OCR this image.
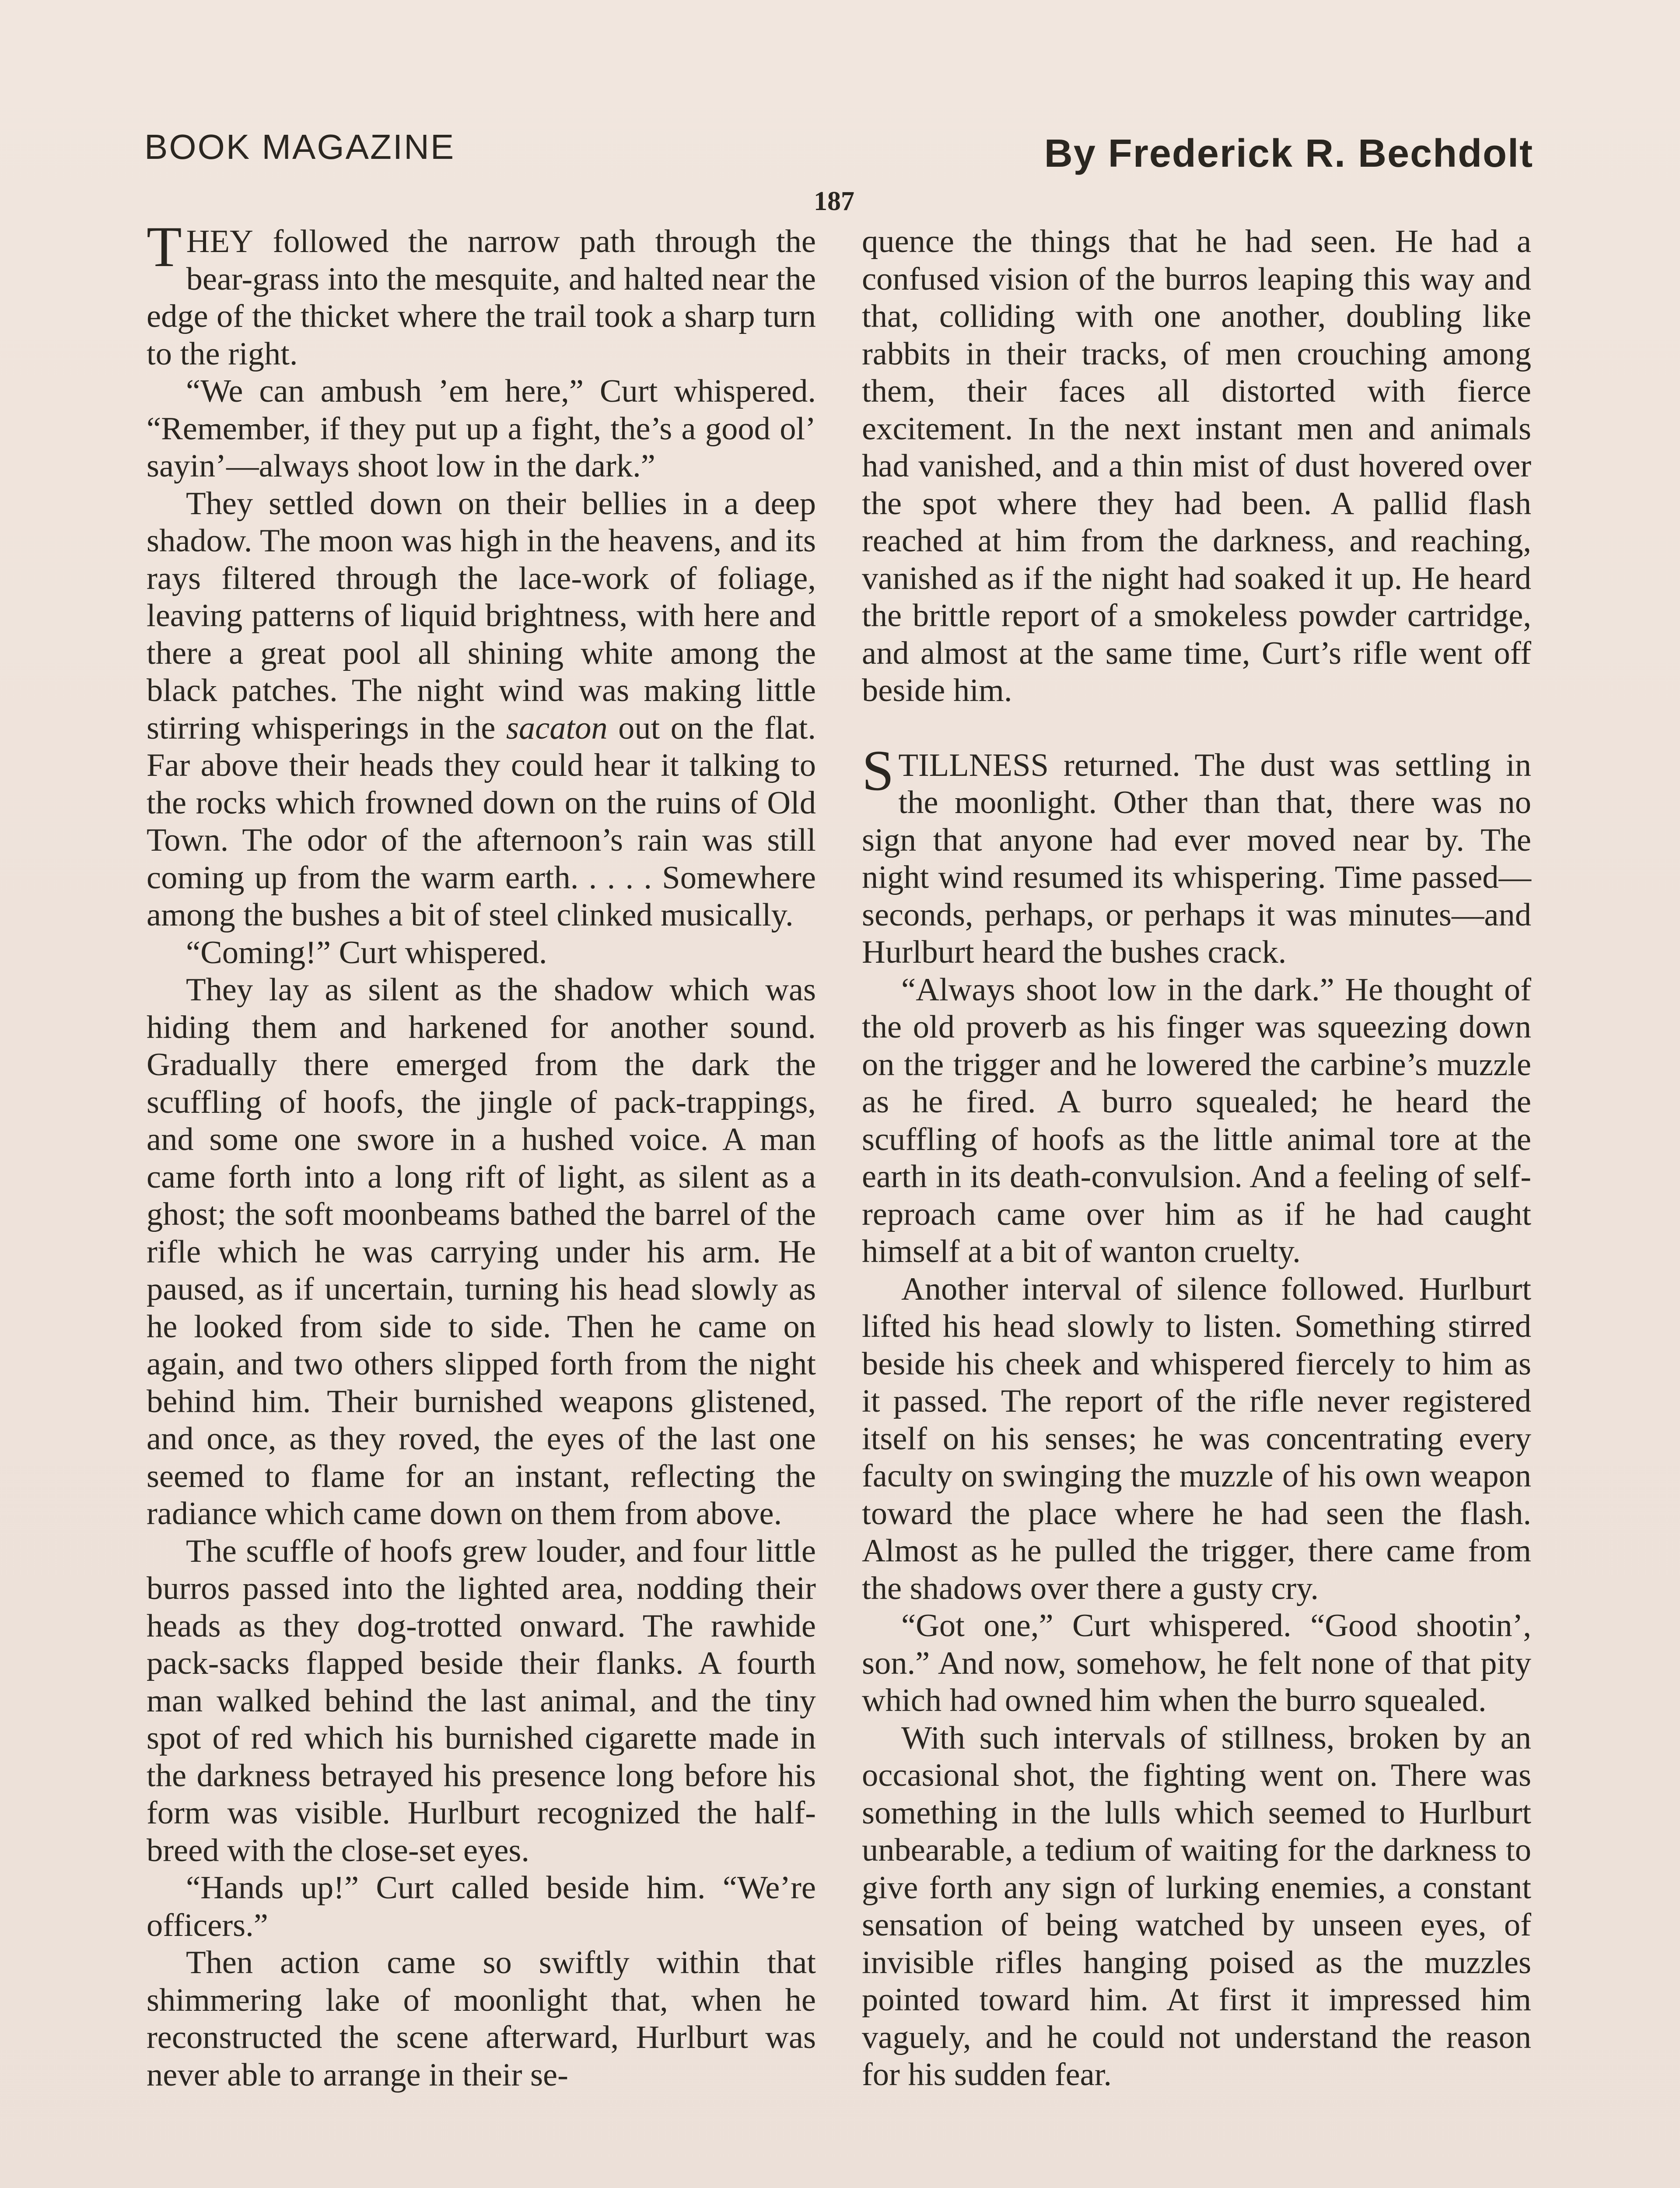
BOOK MAGAZINE	By Frederick R. Bechdolt
187

THEY followed the narrow path through the bear-grass into the mesquite, and halted near the edge of the thicket where the trail took a sharp turn to the right.

“We can ambush ’em here,” Curt whispered. “Remember, if they put up a fight, the’s a good ol’ sayin’—always shoot low in the dark.”

They settled down on their bellies in a deep shadow. The moon was high in the heavens, and its rays filtered through the lace-work of foliage, leaving patterns of liquid brightness, with here and there a great pool all shining white among the black patches. The night wind was making little stirring whisperings in the sacaton out on the flat. Far above their heads they could hear it talking to the rocks which frowned down on the ruins of Old Town. The odor of the afternoon’s rain was still coming up from the warm earth. . . . . Somewhere among the bushes a bit of steel clinked musically.

“Coming!” Curt whispered.

They lay as silent as the shadow which was hiding them and harkened for another sound. Gradually there emerged from the dark the scuffling of hoofs, the jingle of pack-trappings, and some one swore in a hushed voice. A man came forth into a long rift of light, as silent as a ghost; the soft moonbeams bathed the barrel of the rifle which he was carrying under his arm. He paused, as if uncertain, turning his head slowly as he looked from side to side. Then he came on again, and two others slipped forth from the night behind him. Their burnished weapons glistened, and once, as they roved, the eyes of the last one seemed to flame for an instant, reflecting the radiance which came down on them from above.

The scuffle of hoofs grew louder, and four little burros passed into the lighted area, nodding their heads as they dog-trotted onward. The rawhide pack-sacks flapped beside their flanks. A fourth man walked behind the last animal, and the tiny spot of red which his burnished cigarette made in the darkness betrayed his presence long before his form was visible. Hurlburt recognized the half-breed with the close-set eyes.

“Hands up!” Curt called beside him. “We’re officers.”

Then action came so swiftly within that shimmering lake of moonlight that, when he reconstructed the scene afterward, Hurlburt was never able to arrange in their se-

quence the things that he had seen. He had a confused vision of the burros leaping this way and that, colliding with one another, doubling like rabbits in their tracks, of men crouching among them, their faces all distorted with fierce excitement. In the next instant men and animals had vanished, and a thin mist of dust hovered over the spot where they had been. A pallid flash reached at him from the darkness, and reaching, vanished as if the night had soaked it up. He heard the brittle report of a smokeless powder cartridge, and almost at the same time, Curt’s rifle went off beside him.

STILLNESS returned. The dust was settling in the moonlight. Other than that, there was no sign that anyone had ever moved near by. The night wind resumed its whispering. Time passed—seconds, perhaps, or perhaps it was minutes—and Hurlburt heard the bushes crack.

“Always shoot low in the dark.” He thought of the old proverb as his finger was squeezing down on the trigger and he lowered the carbine’s muzzle as he fired. A burro squealed; he heard the scuffling of hoofs as the little animal tore at the earth in its death-convulsion. And a feeling of self-reproach came over him as if he had caught himself at a bit of wanton cruelty.

Another interval of silence followed. Hurlburt lifted his head slowly to listen. Something stirred beside his cheek and whispered fiercely to him as it passed. The report of the rifle never registered itself on his senses; he was concentrating every faculty on swinging the muzzle of his own weapon toward the place where he had seen the flash. Almost as he pulled the trigger, there came from the shadows over there a gusty cry.

“Got one,” Curt whispered. “Good shootin’, son.” And now, somehow, he felt none of that pity which had owned him when the burro squealed.

With such intervals of stillness, broken by an occasional shot, the fighting went on. There was something in the lulls which seemed to Hurlburt unbearable, a tedium of waiting for the darkness to give forth any sign of lurking enemies, a constant sensation of being watched by unseen eyes, of invisible rifles hanging poised as the muzzles pointed toward him. At first it impressed him vaguely, and he could not understand the reason for his sudden fear.
